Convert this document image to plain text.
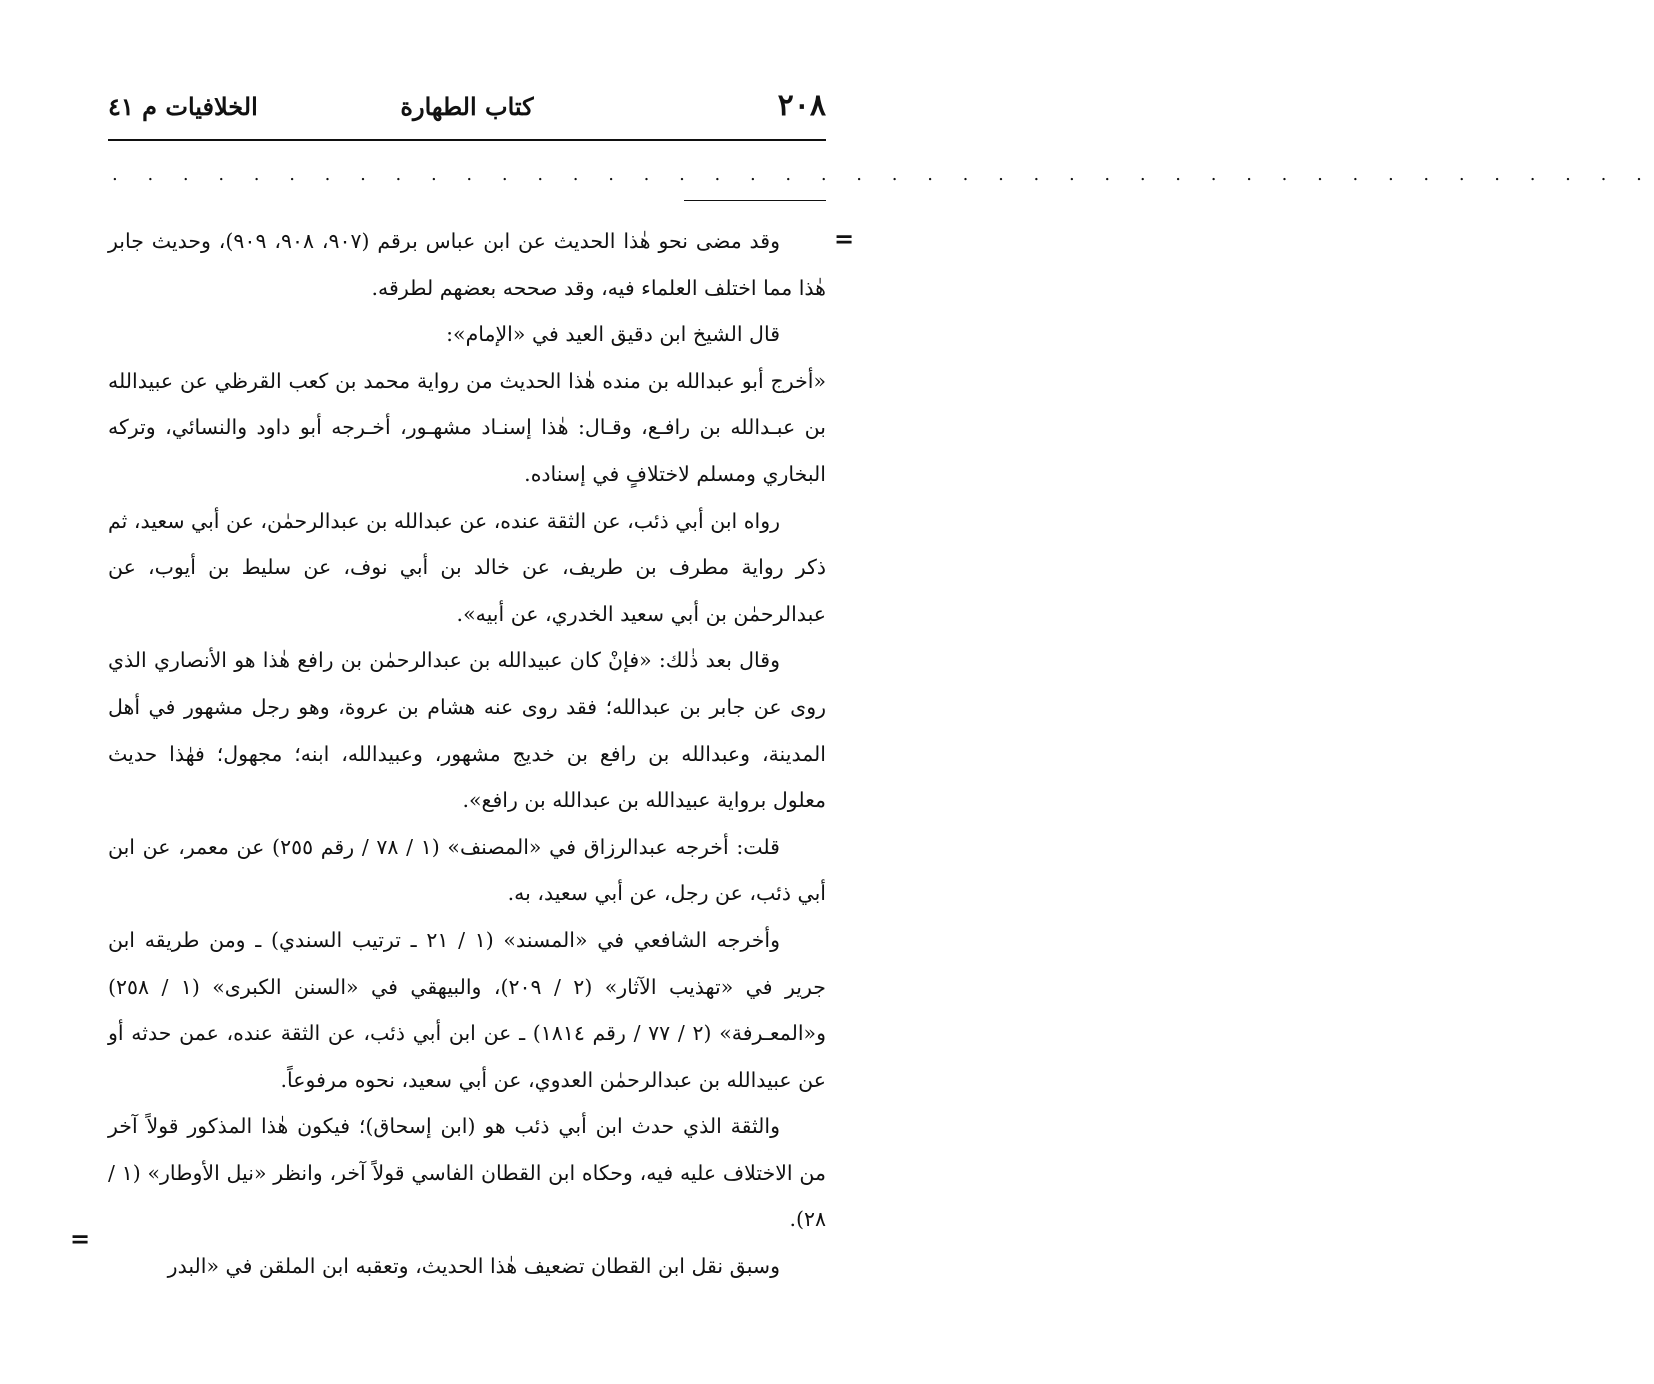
٢٠٨
كتاب الطهارة
الخلافيات م ٤١
. . . . . . . . . . . . . . . . . . . . . . . . . . . . . . . . . . . . . . . . . . . .
=
=

وقد مضى نحو هٰذا الحديث عن ابن عباس برقم (٩٠٧، ٩٠٨، ٩٠٩)، وحديث جابر هٰذا مما اختلف العلماء فيه، وقد صححه بعضهم لطرقه.

قال الشيخ ابن دقيق العيد في «الإمام»:

«أخرج أبو عبدالله بن منده هٰذا الحديث من رواية محمد بن كعب القرظي عن عبيدالله بن عبـدالله بن رافـع، وقـال: هٰذا إسنـاد مشهـور، أخـرجه أبو داود والنسائي، وتركه البخاري ومسلم لاختلافٍ في إسناده.

رواه ابن أبي ذئب، عن الثقة عنده، عن عبدالله بن عبدالرحمٰن، عن أبي سعيد، ثم ذكر رواية مطرف بن طريف، عن خالد بن أبي نوف، عن سليط بن أيوب، عن عبدالرحمٰن بن أبي سعيد الخدري، عن أبيه».

وقال بعد ذٰلك: «فإنْ كان عبيدالله بن عبدالرحمٰن بن رافع هٰذا هو الأنصاري الذي روى عن جابر بن عبدالله؛ فقد روى عنه هشام بن عروة، وهو رجل مشهور في أهل المدينة، وعبدالله بن رافع بن خديج مشهور، وعبيدالله، ابنه؛ مجهول؛ فهٰذا حديث معلول برواية عبيدالله بن عبدالله بن رافع».

قلت: أخرجه عبدالرزاق في «المصنف» (١ / ٧٨ / رقم ٢٥٥) عن معمر، عن ابن أبي ذئب، عن رجل، عن أبي سعيد، به.

وأخرجه الشافعي في «المسند» (١ / ٢١ ـ ترتيب السندي) ـ ومن طريقه ابن جرير في «تهذيب الآثار» (٢ / ٢٠٩)، والبيهقي في «السنن الكبرى» (١ / ٢٥٨) و«المعـرفة» (٢ / ٧٧ / رقم ١٨١٤) ـ عن ابن أبي ذئب، عن الثقة عنده، عمن حدثه أو عن عبيدالله بن عبدالرحمٰن العدوي، عن أبي سعيد، نحوه مرفوعاً.

والثقة الذي حدث ابن أبي ذئب هو (ابن إسحاق)؛ فيكون هٰذا المذكور قولاً آخر من الاختلاف عليه فيه، وحكاه ابن القطان الفاسي قولاً آخر، وانظر «نيل الأوطار» (١ / ٢٨).

وسبق نقل ابن القطان تضعيف هٰذا الحديث، وتعقبه ابن الملقن في «البدر
